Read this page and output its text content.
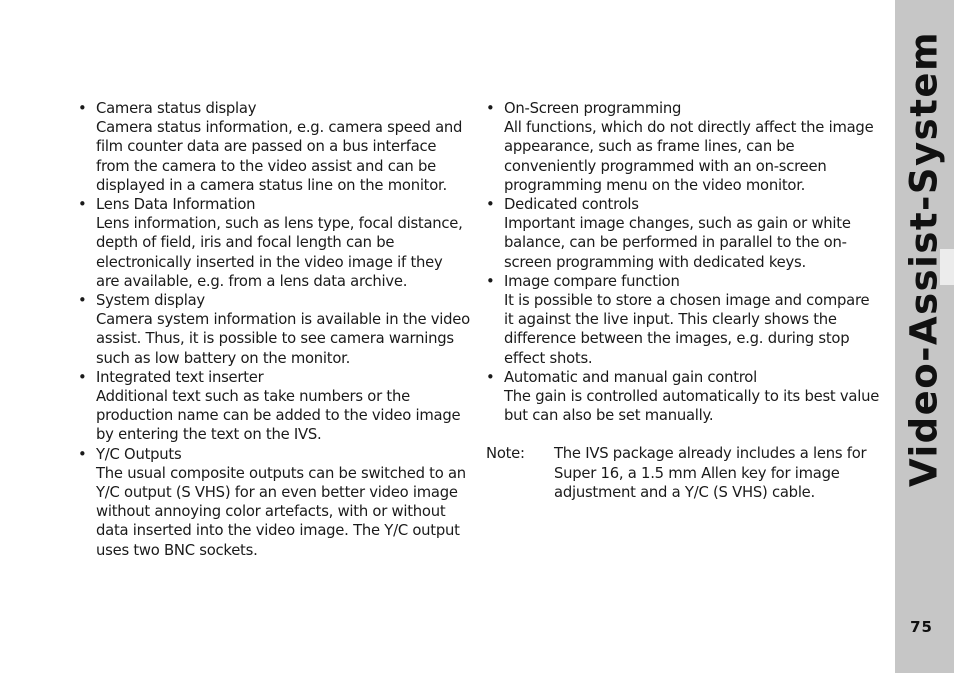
• Camera status display
Camera status information, e.g. camera speed and film counter data are passed on a bus interface from the camera to the video assist and can be displayed in a camera status line on the monitor.
• Lens Data Information
Lens information, such as lens type, focal distance, depth of field, iris and focal length can be electronically inserted in the video image if they are available, e.g. from a lens data archive.
• System display
Camera system information is available in the video assist. Thus, it is possible to see camera warnings such as low battery on the monitor.
• Integrated text inserter
Additional text such as take numbers or the production name can be added to the video image by entering the text on the IVS.
• Y/C Outputs
The usual composite outputs can be switched to an Y/C output (S VHS) for an even better video image without annoying color artefacts, with or without data inserted into the video image. The Y/C output uses two BNC sockets.
• On-Screen programming
All functions, which do not directly affect the image appearance, such as frame lines, can be conveniently programmed with an on-screen programming menu on the video monitor.
• Dedicated controls
Important image changes, such as gain or white balance, can be performed in parallel to the on-screen programming with dedicated keys.
• Image compare function
It is possible to store a chosen image and compare it against the live input. This clearly shows the difference between the images, e.g. during stop effect shots.
• Automatic and manual gain control
The gain is controlled automatically to its best value but can also be set manually.
Note:	The IVS package already includes a lens for Super 16, a 1.5 mm Allen key for image adjustment and a Y/C (S VHS) cable.
Video-Assist-System
75
